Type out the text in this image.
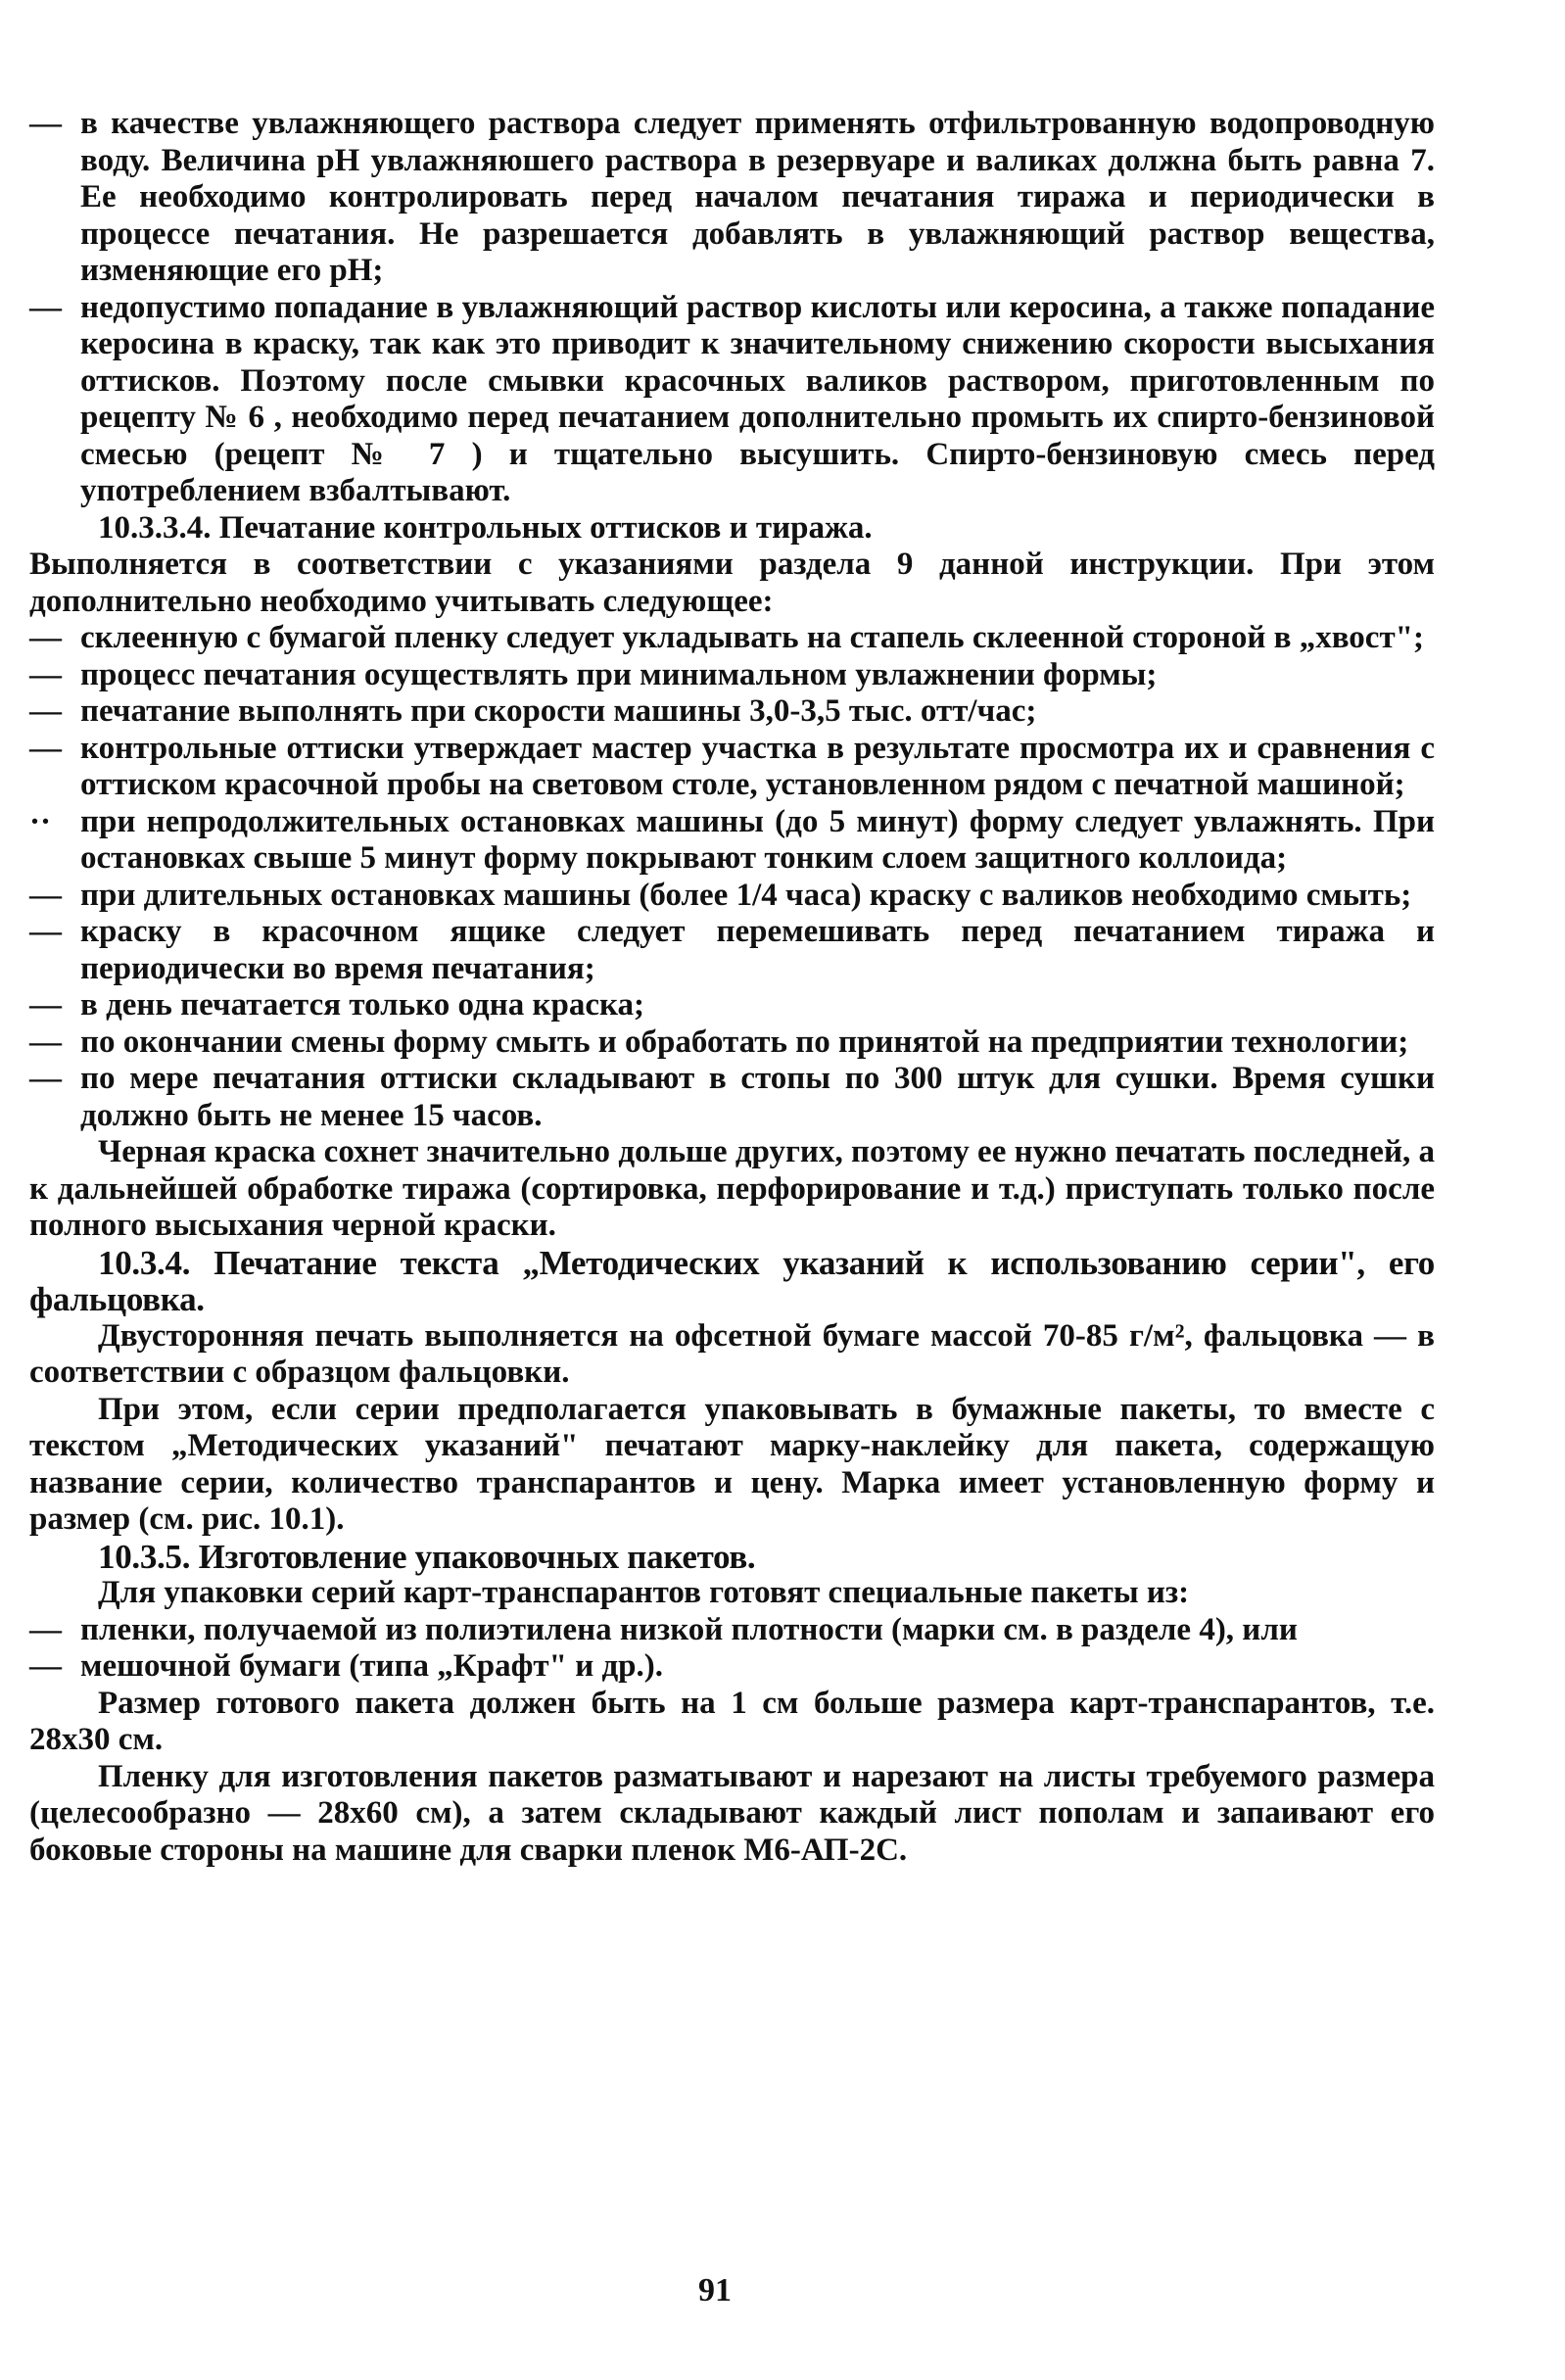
— в качестве увлажняющего раствора следует применять отфильтрованную водопроводную воду. Величина pH увлажняюшего раствора в резервуаре и валиках должна быть равна 7. Ее необходимо контролировать перед началом печатания тиража и периодически в процессе печатания. Не разрешается добавлять в увлажняющий раствор вещества, изменяющие его pH;
— недопустимо попадание в увлажняющий раствор кислоты или керосина, а также попадание керосина в краску, так как это приводит к значительному снижению скорости высыхания оттисков. Поэтому после смывки красочных валиков раствором, приготовленным по рецепту № 6 , необходимо перед печатанием дополнительно промыть их спирто-бензиновой смесью (рецепт № 7 ) и тщательно высушить. Спирто-бензиновую смесь перед употреблением взбалтывают.

10.3.3.4. Печатание контрольных оттисков и тиража.

Выполняется в соответствии с указаниями раздела 9 данной инструкции. При этом дополнительно необходимо учитывать следующее:

— склеенную с бумагой пленку следует укладывать на стапель склеенной стороной в „хвост";
— процесс печатания осуществлять при минимальном увлажнении формы;
— печатание выполнять при скорости машины 3,0-3,5 тыс. отт/час;
— контрольные оттиски утверждает мастер участка в результате просмотра их и сравнения с оттиском красочной пробы на световом столе, установленном рядом с печатной машиной;
·· при непродолжительных остановках машины (до 5 минут) форму следует увлажнять. При остановках свыше 5 минут форму покрывают тонким слоем защитного коллоида;
— при длительных остановках машины (более 1/4 часа) краску с валиков необходимо смыть;
— краску в красочном ящике следует перемешивать перед печатанием тиража и периодически во время печатания;
— в день печатается только одна краска;
— по окончании смены форму смыть и обработать по принятой на предприятии технологии;
— по мере печатания оттиски складывают в стопы по 300 штук для сушки. Время сушки должно быть не менее 15 часов.

Черная краска сохнет значительно дольше других, поэтому ее нужно печатать последней, а к дальнейшей обработке тиража (сортировка, перфорирование и т.д.) приступать только после полного высыхания черной краски.

10.3.4. Печатание текста „Методических указаний к использованию серии", его фальцовка.

Двусторонняя печать выполняется на офсетной бумаге массой 70-85 г/м², фальцовка — в соответствии с образцом фальцовки.

При этом, если серии предполагается упаковывать в бумажные пакеты, то вместе с текстом „Методических указаний" печатают марку-наклейку для пакета, содержащую название серии, количество транспарантов и цену. Марка имеет установленную форму и размер (см. рис. 10.1).

10.3.5. Изготовление упаковочных пакетов.

Для упаковки серий карт-транспарантов готовят специальные пакеты из:

— пленки, получаемой из полиэтилена низкой плотности (марки см. в разделе 4), или
— мешочной бумаги (типа „Крафт" и др.).

Размер готового пакета должен быть на 1 см больше размера карт-транспарантов, т.е. 28x30 см.

Пленку для изготовления пакетов разматывают и нарезают на листы требуемого размера (целесообразно — 28x60 см), а затем складывают каждый лист пополам и запаивают его боковые стороны на машине для сварки пленок М6-АП-2С.

91
